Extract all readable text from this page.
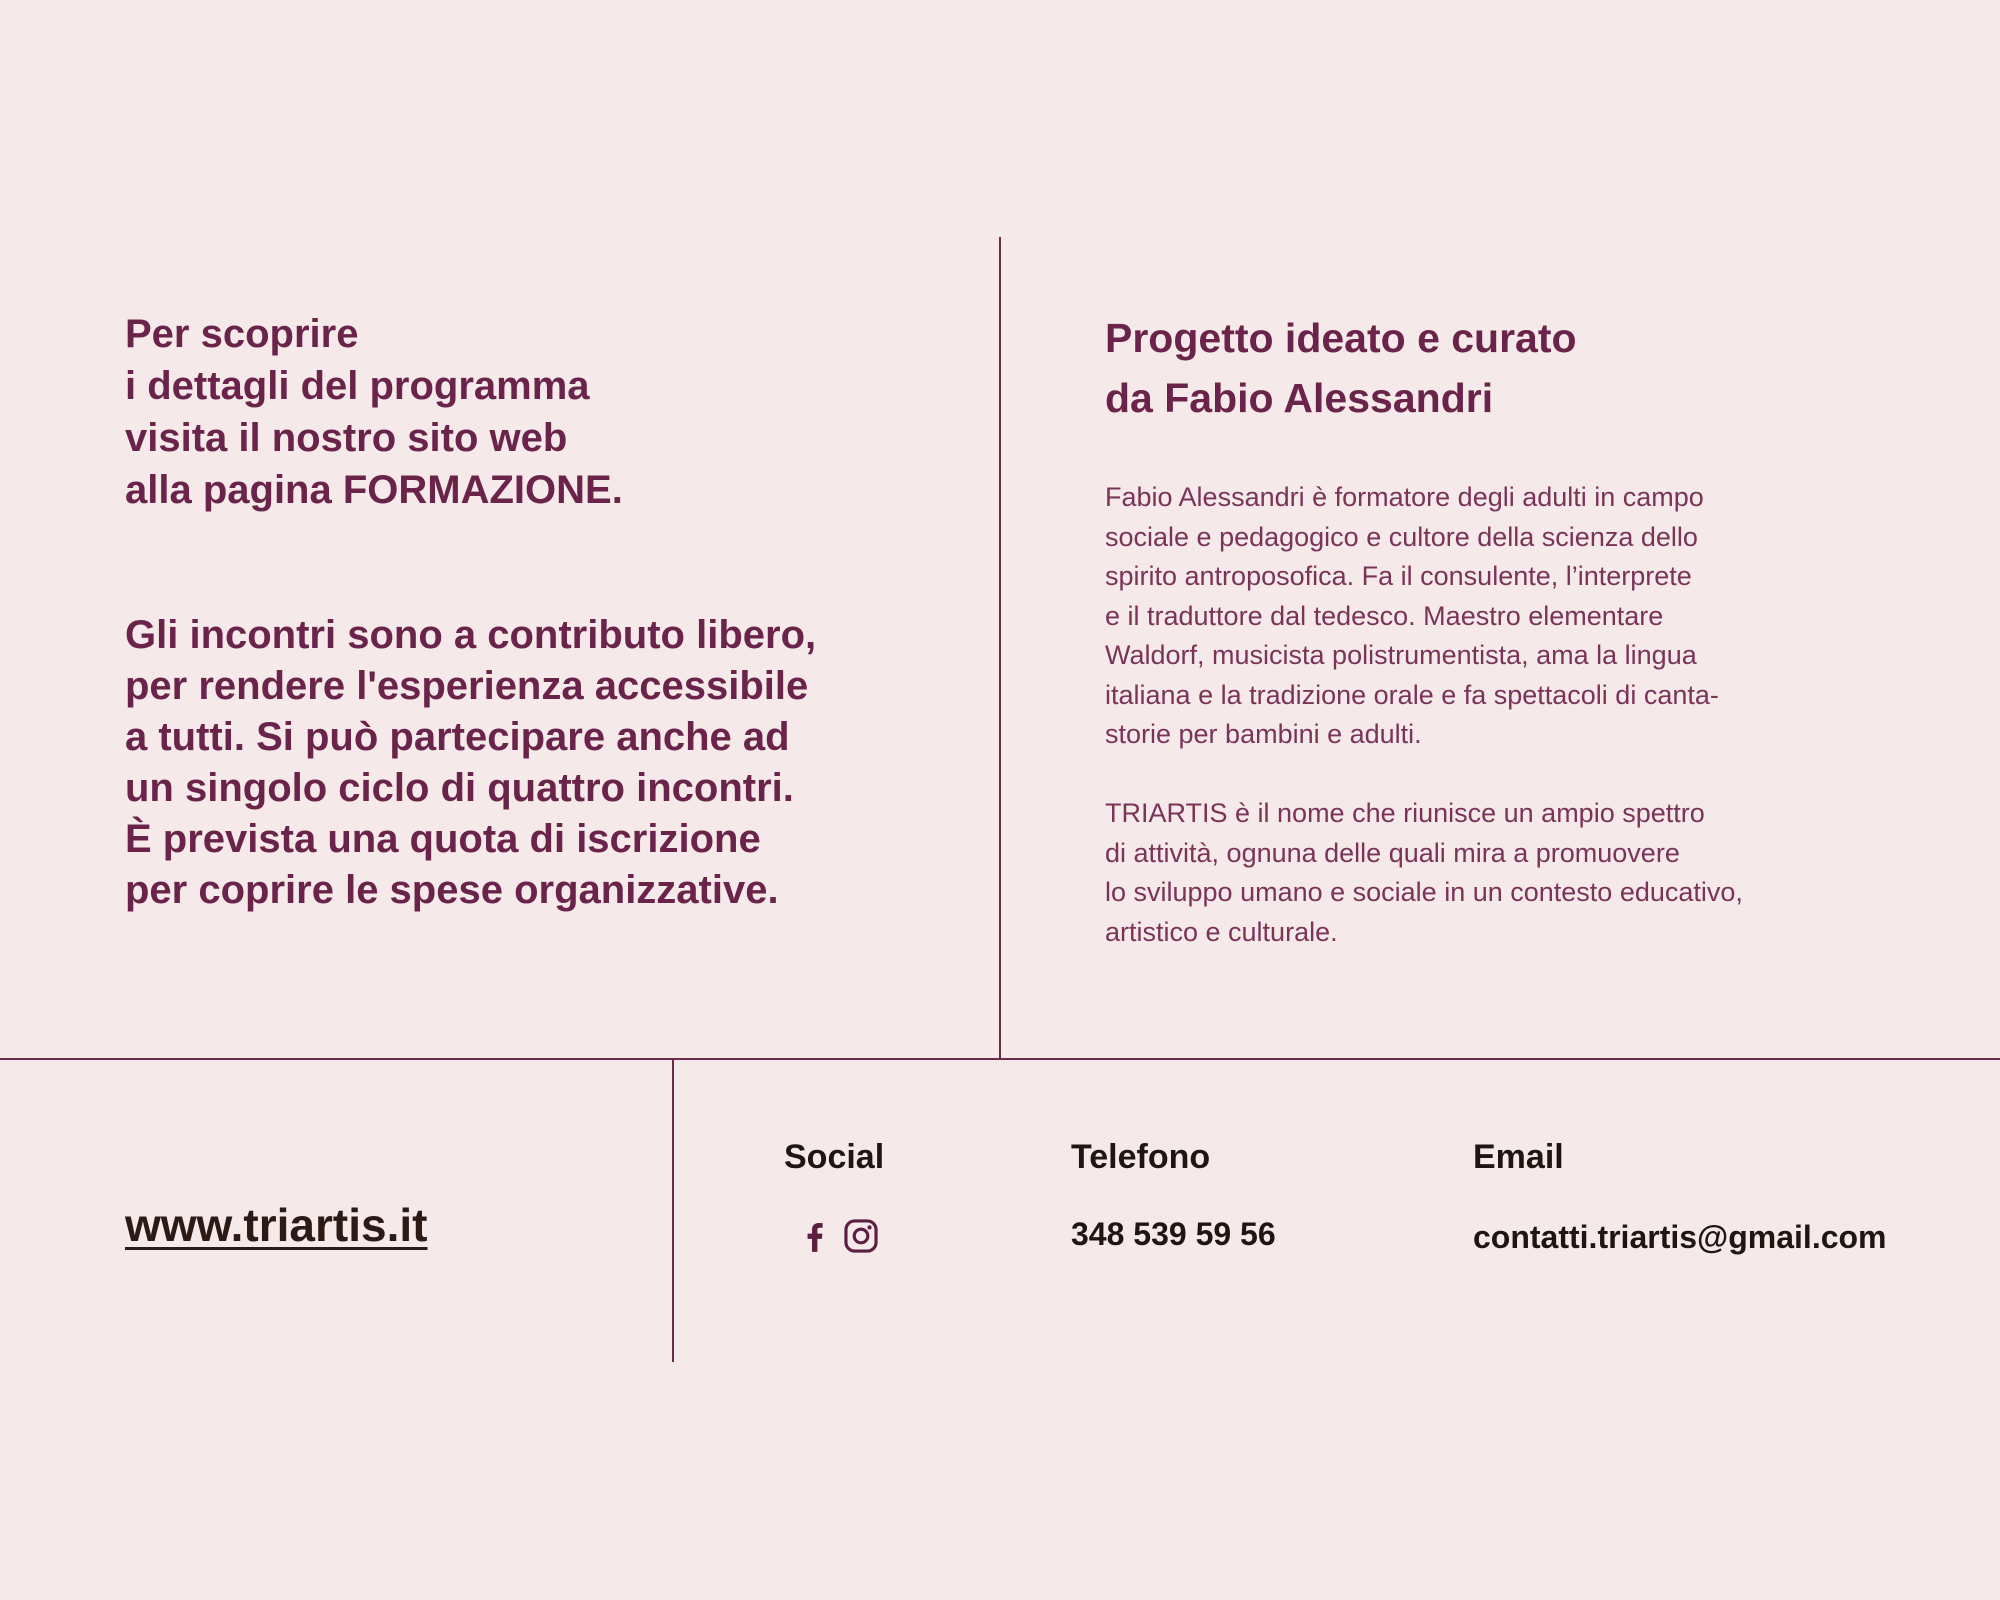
Per scoprire
i dettagli del programma
visita il nostro sito web
alla pagina FORMAZIONE.

Gli incontri sono a contributo libero,
per rendere l'esperienza accessibile
a tutti. Si può partecipare anche ad
un singolo ciclo di quattro incontri.
È prevista una quota di iscrizione
per coprire le spese organizzative.

Progetto ideato e curato
da Fabio Alessandri

Fabio Alessandri è formatore degli adulti in campo
sociale e pedagogico e cultore della scienza dello
spirito antroposofica. Fa il consulente, l’interprete
e il traduttore dal tedesco. Maestro elementare
Waldorf, musicista polistrumentista, ama la lingua
italiana e la tradizione orale e fa spettacoli di canta-
storie per bambini e adulti.

TRIARTIS è il nome che riunisce un ampio spettro
di attività, ognuna delle quali mira a promuovere
lo sviluppo umano e sociale in un contesto educativo,
artistico e culturale.

www.triartis.it
Social	Telefono
348 539 59 56
Email
contatti.triartis@gmail.com
